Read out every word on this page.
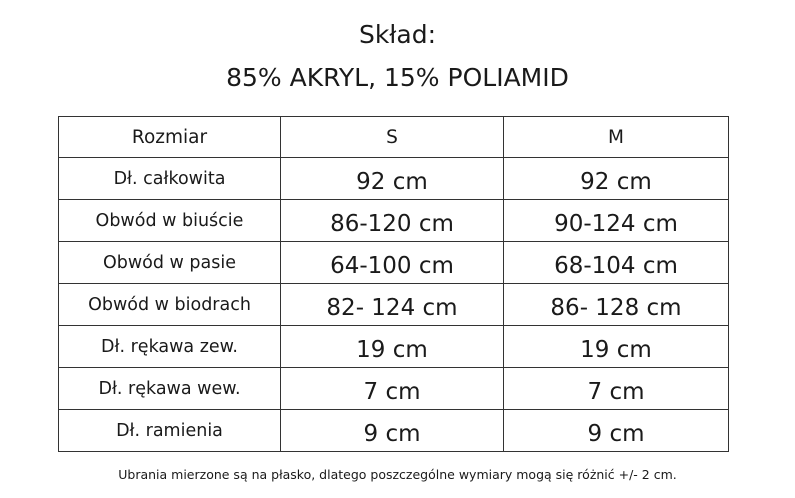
Skład:
85% AKRYL, 15% POLIAMID
Rozmiar	S	M
Dł. całkowita	92 cm	92 cm
Obwód w biuście	86-120 cm	90-124 cm
Obwód w pasie	64-100 cm	68-104 cm
Obwód w biodrach	82- 124 cm	86- 128 cm
Dł. rękawa zew.	19 cm	19 cm
Dł. rękawa wew.	7 cm	7 cm
Dł. ramienia	9 cm	9 cm
Ubrania mierzone są na płasko, dlatego poszczególne wymiary mogą się różnić +/- 2 cm.
